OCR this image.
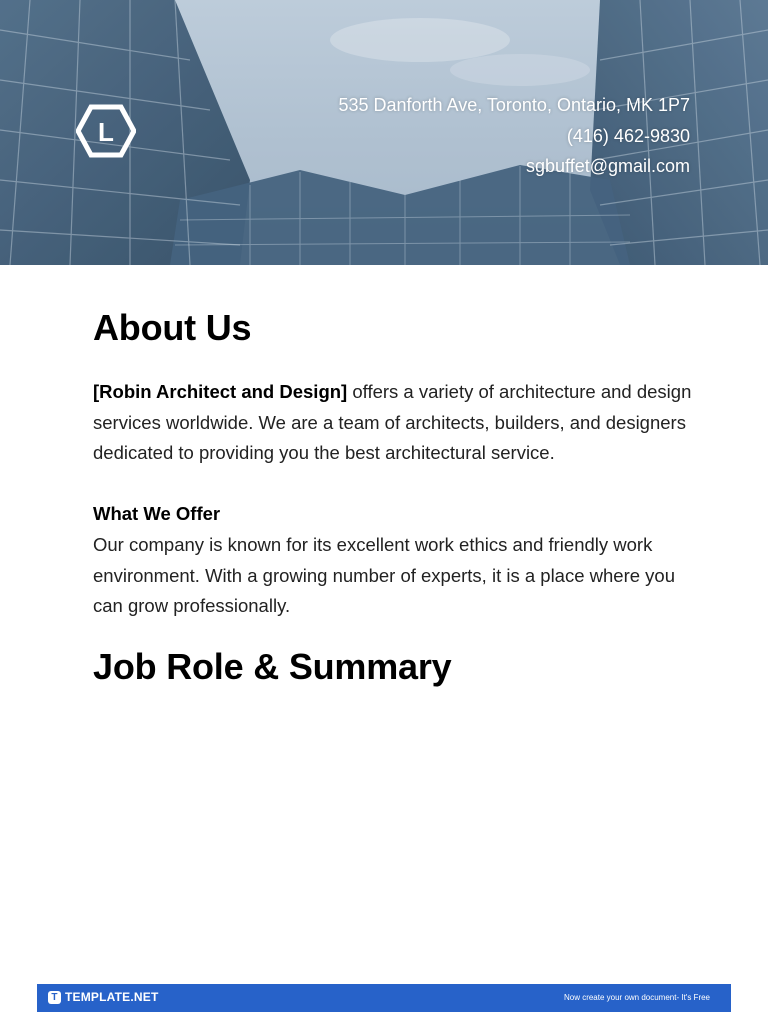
L
535 Danforth Ave, Toronto, Ontario, MK 1P7
(416) 462-9830
sgbuffet@gmail.com
About Us
[Robin Architect and Design] offers a variety of architecture and design services worldwide. We are a team of architects, builders, and designers dedicated to providing you the best architectural service.
What We Offer
Our company is known for its excellent work ethics and friendly work environment. With a growing number of experts, it is a place where you can grow professionally.
Job Role & Summary
T TEMPLATE.NET	Now create your own document- It's Free
